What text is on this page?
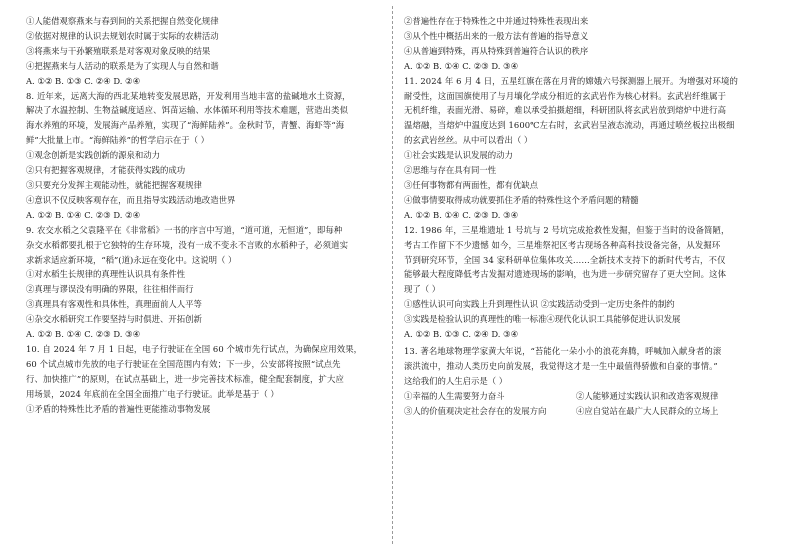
①人能借观察燕来与春到间的关系把握自然变化规律
②依据对规律的认识去规划农时属于实际的农耕活动
③将燕来与干孙繁殖联系是对客观对象反映的结果
④把握燕来与人活动的联系是为了实现人与自然和谐
A. ①② B. ①③ C. ②④ D. ②④
8. 近年来，远离大海的西北某地转变发展思路，开发利用当地丰富的盐碱地水土资源，
解决了水温控制、生物益碱度适应、饵苗运输、水体循环利用等技术难题，营造出类似
海水养殖的环境，发展海产品养殖，实现了“海鲜陆养”。金秋时节，青蟹、海虾等“海
鲜”大批量上市。“海鲜陆养”的哲学启示在于（ ）
①观念创新是实践创新的源泉和动力
②只有把握客观规律，才能获得实践的成功
③只要充分发挥主观能动性，就能把握客观规律
④意识不仅反映客观存在，而且指导实践活动地改造世界
A. ①② B. ①④ C. ②③ D. ②④
9. 农交水稻之父袁隆平在《非常稻》一书的序言中写道，“道可道，无恒道”，即每种
杂交水稻都要扎根于它独特的生存环境，没有一成不变永不言败的水稻种子，必须道实
求新求适应新环境，“稻”(道)永远在变化中。这说明（ ）
①对水稻生长规律的真理性认识具有条件性
②真理与谬误没有明确的界限，往往相伴而行
③真理具有客观性和具体性，真理面前人人平等
④杂交水稻研究工作要坚持与时俱进、开拓创新
A. ①② B. ①④ C. ②③ D. ③④
10. 自 2024 年 7 月 1 日起，电子行驶证在全国 60 个城市先行试点，为确保应用效果，
60 个试点城市先放的电子行驶证在全国范围内有效；下一步，公安部将按照“试点先
行、加快推广”的原则，在试点基础上，进一步完善技术标准，健全配套制度，扩大应
用场景，2024 年底前在全国全面推广电子行驶证。此举是基于（ ）
①矛盾的特殊性比矛盾的普遍性更能推动事物发展
②普遍性存在于特殊性之中并通过特殊性表现出来
③从个性中概括出来的一般方法有普遍的指导意义
④从普遍到特殊，再从特殊到普遍符合认识的秩序
A. ①② B. ①④ C. ②③ D. ③④
11. 2024 年 6 月 4 日，五星红旗在落在月背的嫦娥六号探测器上展开。为增强对环境的
耐受性，这面国旗使用了与月壤化学成分相近的玄武岩作为核心材料。玄武岩纤维属于
无机纤维，表面光滑、易碎，难以承受拍摄超细，科研团队将玄武岩放到熔炉中进行高
温熔融，当熔炉中温度达到 1600℃左右时，玄武岩呈液态流动，再通过喷丝板拉出极细
的玄武岩丝丝。从中可以看出（ ）
①社会实践是认识发展的动力
②思维与存在具有同一性
③任何事物都有两面性，都有优缺点
④做事情要取得成功就要抓住矛盾的特殊性这个矛盾问题的精髓
A. ①② B. ①④ C. ②③ D. ③④
12. 1986 年，三星堆遗址 1 号坑与 2 号坑完成抢救性发掘，但鉴于当时的设备简陋，
考古工作留下不少遗憾 如今，三星堆祭祀区考古现场各种高科技设备完备，从发掘环
节到研究环节，全国 34 家科研单位集体攻关……全新技术支持下的新时代考古，不仅
能够最大程度降低考古发掘对遗迹现场的影响，也为进一步研究留存了更大空间。这体
现了（ ）
①感性认识可向实践上升到理性认识 ②实践活动受到一定历史条件的制约
③实践是检验认识的真理性的唯一标准④现代化认识工具能够促进认识发展
A. ①② B. ①③ C. ②④ D. ③④
13. 著名地球物理学家黄大年说，“苔能化一朵小小的浪花奔腾，呼喊加入献身者的滚
滚洪流中，推动人类历史向前发展，我觉得这才是一生中最值得骄傲和自豪的事情。”
这给我们的人生启示是（ ）
①幸福的人生需要努力奋斗	②人能够通过实践认识和改造客观规律
③人的价值观决定社会存在的发展方向	④应自觉站在最广大人民群众的立场上
